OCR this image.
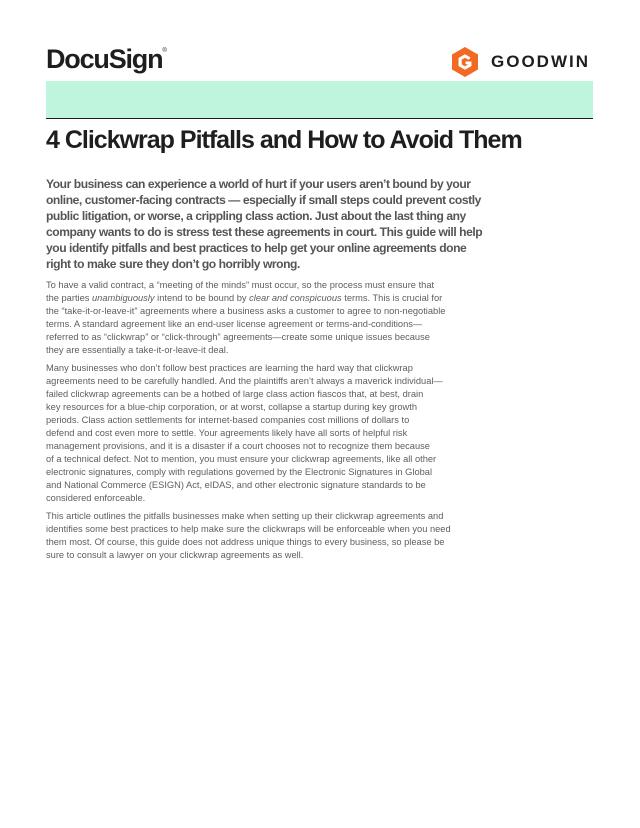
DocuSign®
GOODWIN
4 Clickwrap Pitfalls and How to Avoid Them
Your business can experience a world of hurt if your users aren’t bound by your
online, customer-facing contracts — especially if small steps could prevent costly
public litigation, or worse, a crippling class action. Just about the last thing any
company wants to do is stress test these agreements in court. This guide will help
you identify pitfalls and best practices to help get your online agreements done
right to make sure they don’t go horribly wrong.

To have a valid contract, a “meeting of the minds” must occur, so the process must ensure that
the parties unambiguously intend to be bound by clear and conspicuous terms. This is crucial for
the “take-it-or-leave-it” agreements where a business asks a customer to agree to non-negotiable
terms. A standard agreement like an end-user license agreement or terms-and-conditions—
referred to as “clickwrap” or “click-through” agreements—create some unique issues because
they are essentially a take-it-or-leave-it deal.

Many businesses who don’t follow best practices are learning the hard way that clickwrap
agreements need to be carefully handled. And the plaintiffs aren’t always a maverick individual—
failed clickwrap agreements can be a hotbed of large class action fiascos that, at best, drain
key resources for a blue-chip corporation, or at worst, collapse a startup during key growth
periods. Class action settlements for internet-based companies cost millions of dollars to
defend and cost even more to settle. Your agreements likely have all sorts of helpful risk
management provisions, and it is a disaster if a court chooses not to recognize them because
of a technical defect. Not to mention, you must ensure your clickwrap agreements, like all other
electronic signatures, comply with regulations governed by the Electronic Signatures in Global
and National Commerce (ESIGN) Act, eIDAS, and other electronic signature standards to be
considered enforceable.

This article outlines the pitfalls businesses make when setting up their clickwrap agreements and
identifies some best practices to help make sure the clickwraps will be enforceable when you need
them most. Of course, this guide does not address unique things to every business, so please be
sure to consult a lawyer on your clickwrap agreements as well.
